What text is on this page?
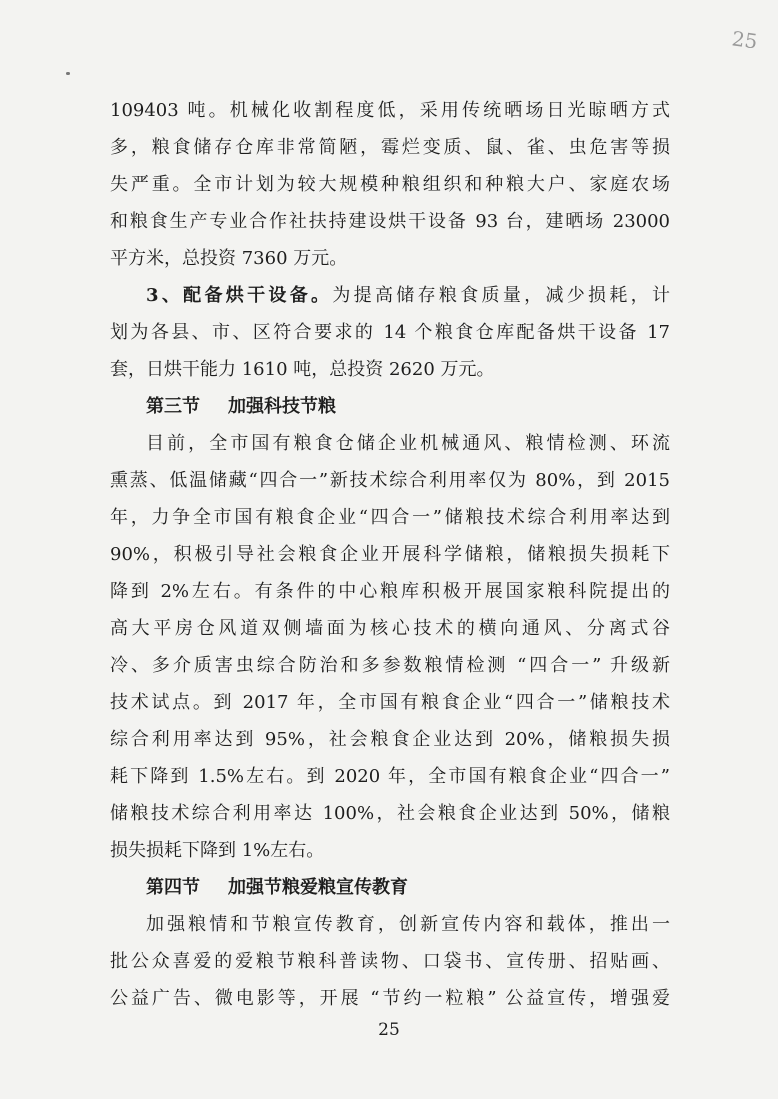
25
109403 吨。机械化收割程度低，采用传统晒场日光晾晒方式
多，粮食储存仓库非常简陋，霉烂变质、鼠、雀、虫危害等损
失严重。全市计划为较大规模种粮组织和种粮大户、家庭农场
和粮食生产专业合作社扶持建设烘干设备 93 台，建晒场 23000
平方米，总投资 7360 万元。
3、配备烘干设备。为提高储存粮食质量，减少损耗，计
划为各县、市、区符合要求的 14 个粮食仓库配备烘干设备 17
套，日烘干能力 1610 吨，总投资 2620 万元。
第三节 加强科技节粮
目前，全市国有粮食仓储企业机械通风、粮情检测、环流
熏蒸、低温储藏“四合一”新技术综合利用率仅为 80%，到 2015
年，力争全市国有粮食企业“四合一”储粮技术综合利用率达到
90%，积极引导社会粮食企业开展科学储粮，储粮损失损耗下
降到 2%左右。有条件的中心粮库积极开展国家粮科院提出的
高大平房仓风道双侧墙面为核心技术的横向通风、分离式谷
冷、多介质害虫综合防治和多参数粮情检测 “四合一” 升级新
技术试点。到 2017 年，全市国有粮食企业“四合一”储粮技术
综合利用率达到 95%，社会粮食企业达到 20%，储粮损失损
耗下降到 1.5%左右。到 2020 年，全市国有粮食企业“四合一”
储粮技术综合利用率达 100%，社会粮食企业达到 50%，储粮
损失损耗下降到 1%左右。
第四节 加强节粮爱粮宣传教育
加强粮情和节粮宣传教育，创新宣传内容和载体，推出一
批公众喜爱的爱粮节粮科普读物、口袋书、宣传册、招贴画、
公益广告、微电影等，开展 “节约一粒粮” 公益宣传，增强爱
25
